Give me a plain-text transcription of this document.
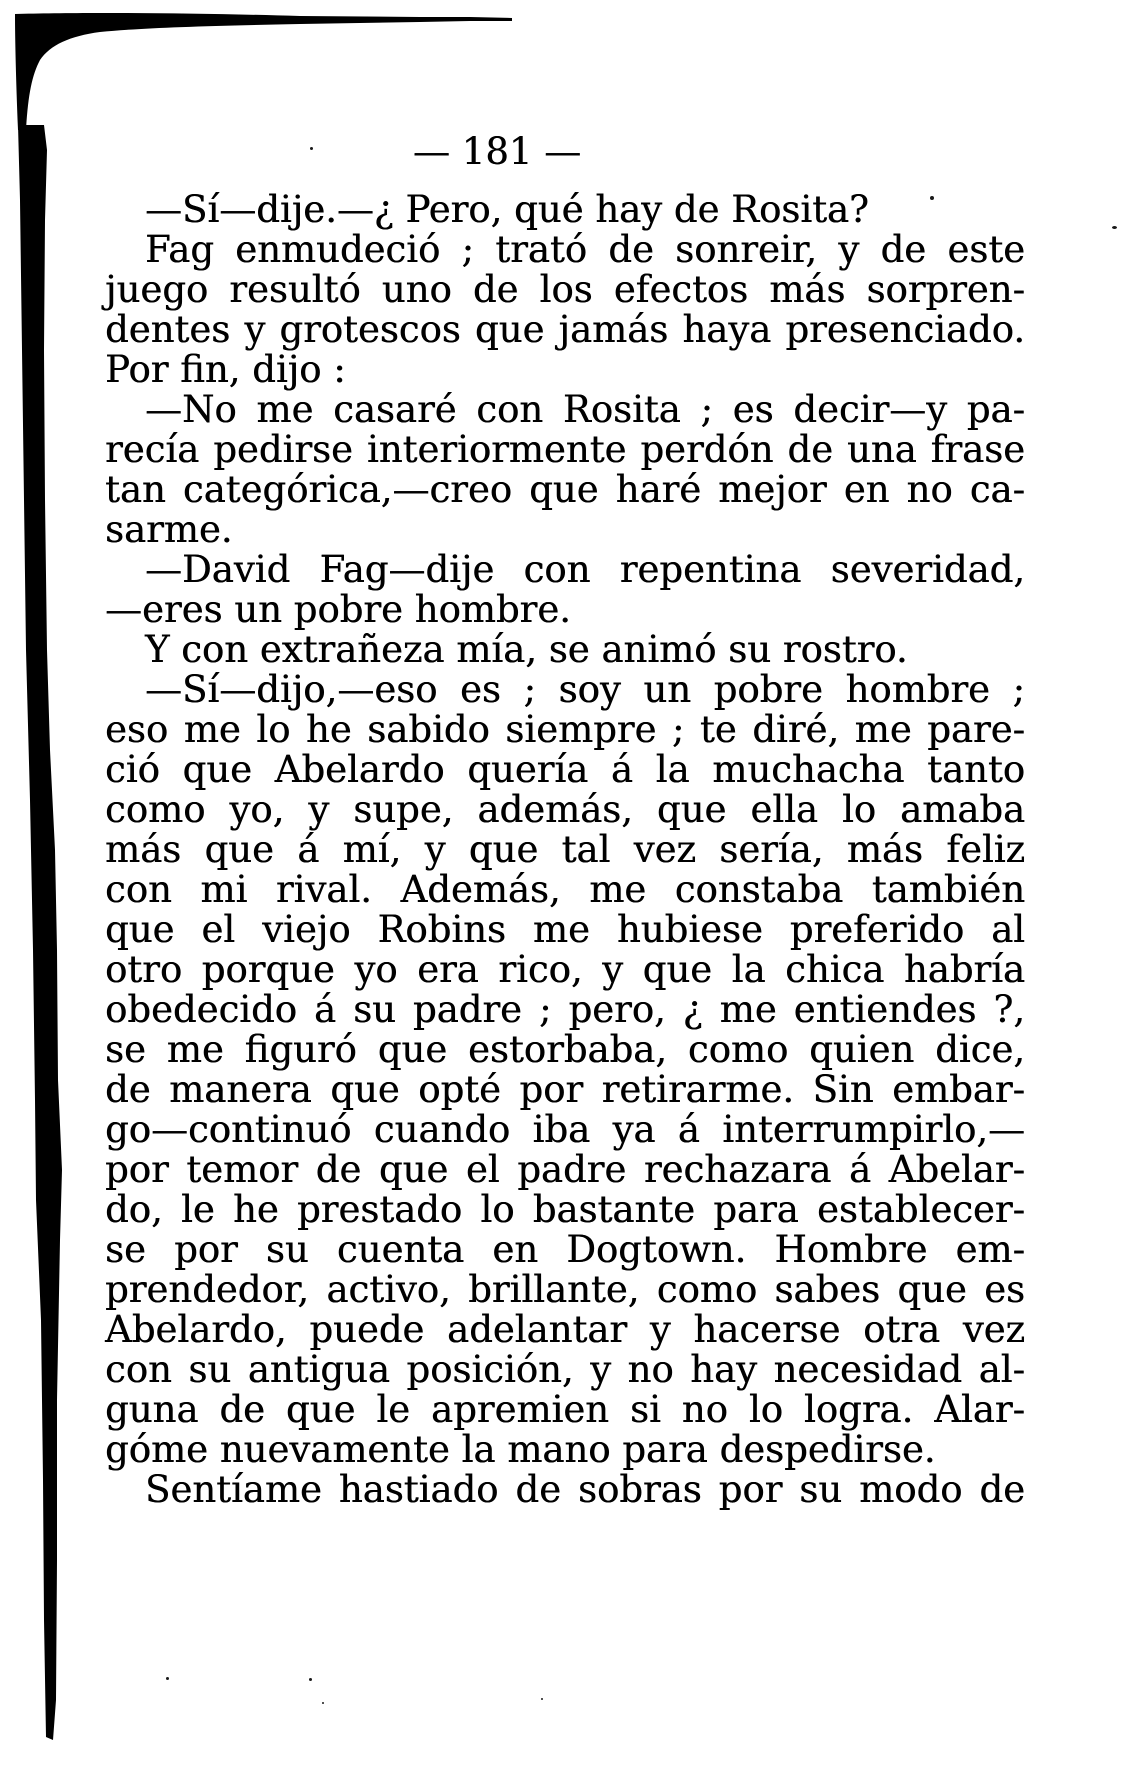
— 181 —
—Sí—dije.—¿ Pero, qué hay de Rosita?
Fag enmudeció ; trató de sonreir, y de este
juego resultó uno de los efectos más sorpren-
dentes y grotescos que jamás haya presenciado.
Por fin, dijo :
—No me casaré con Rosita ; es decir—y pa-
recía pedirse interiormente perdón de una frase
tan categórica,—creo que haré mejor en no ca-
sarme.
—David Fag—dije con repentina severidad,
—eres un pobre hombre.
Y con extrañeza mía, se animó su rostro.
—Sí—dijo,—eso es ; soy un pobre hombre ;
eso me lo he sabido siempre ; te diré, me pare-
ció que Abelardo quería á la muchacha tanto
como yo, y supe, además, que ella lo amaba
más que á mí, y que tal vez sería, más feliz
con mi rival. Además, me constaba también
que el viejo Robins me hubiese preferido al
otro porque yo era rico, y que la chica habría
obedecido á su padre ; pero, ¿ me entiendes ?,
se me figuró que estorbaba, como quien dice,
de manera que opté por retirarme. Sin embar-
go—continuó cuando iba ya á interrumpirlo,—
por temor de que el padre rechazara á Abelar-
do, le he prestado lo bastante para establecer-
se por su cuenta en Dogtown. Hombre em-
prendedor, activo, brillante, como sabes que es
Abelardo, puede adelantar y hacerse otra vez
con su antigua posición, y no hay necesidad al-
guna de que le apremien si no lo logra. Alar-
góme nuevamente la mano para despedirse.
Sentíame hastiado de sobras por su modo de
